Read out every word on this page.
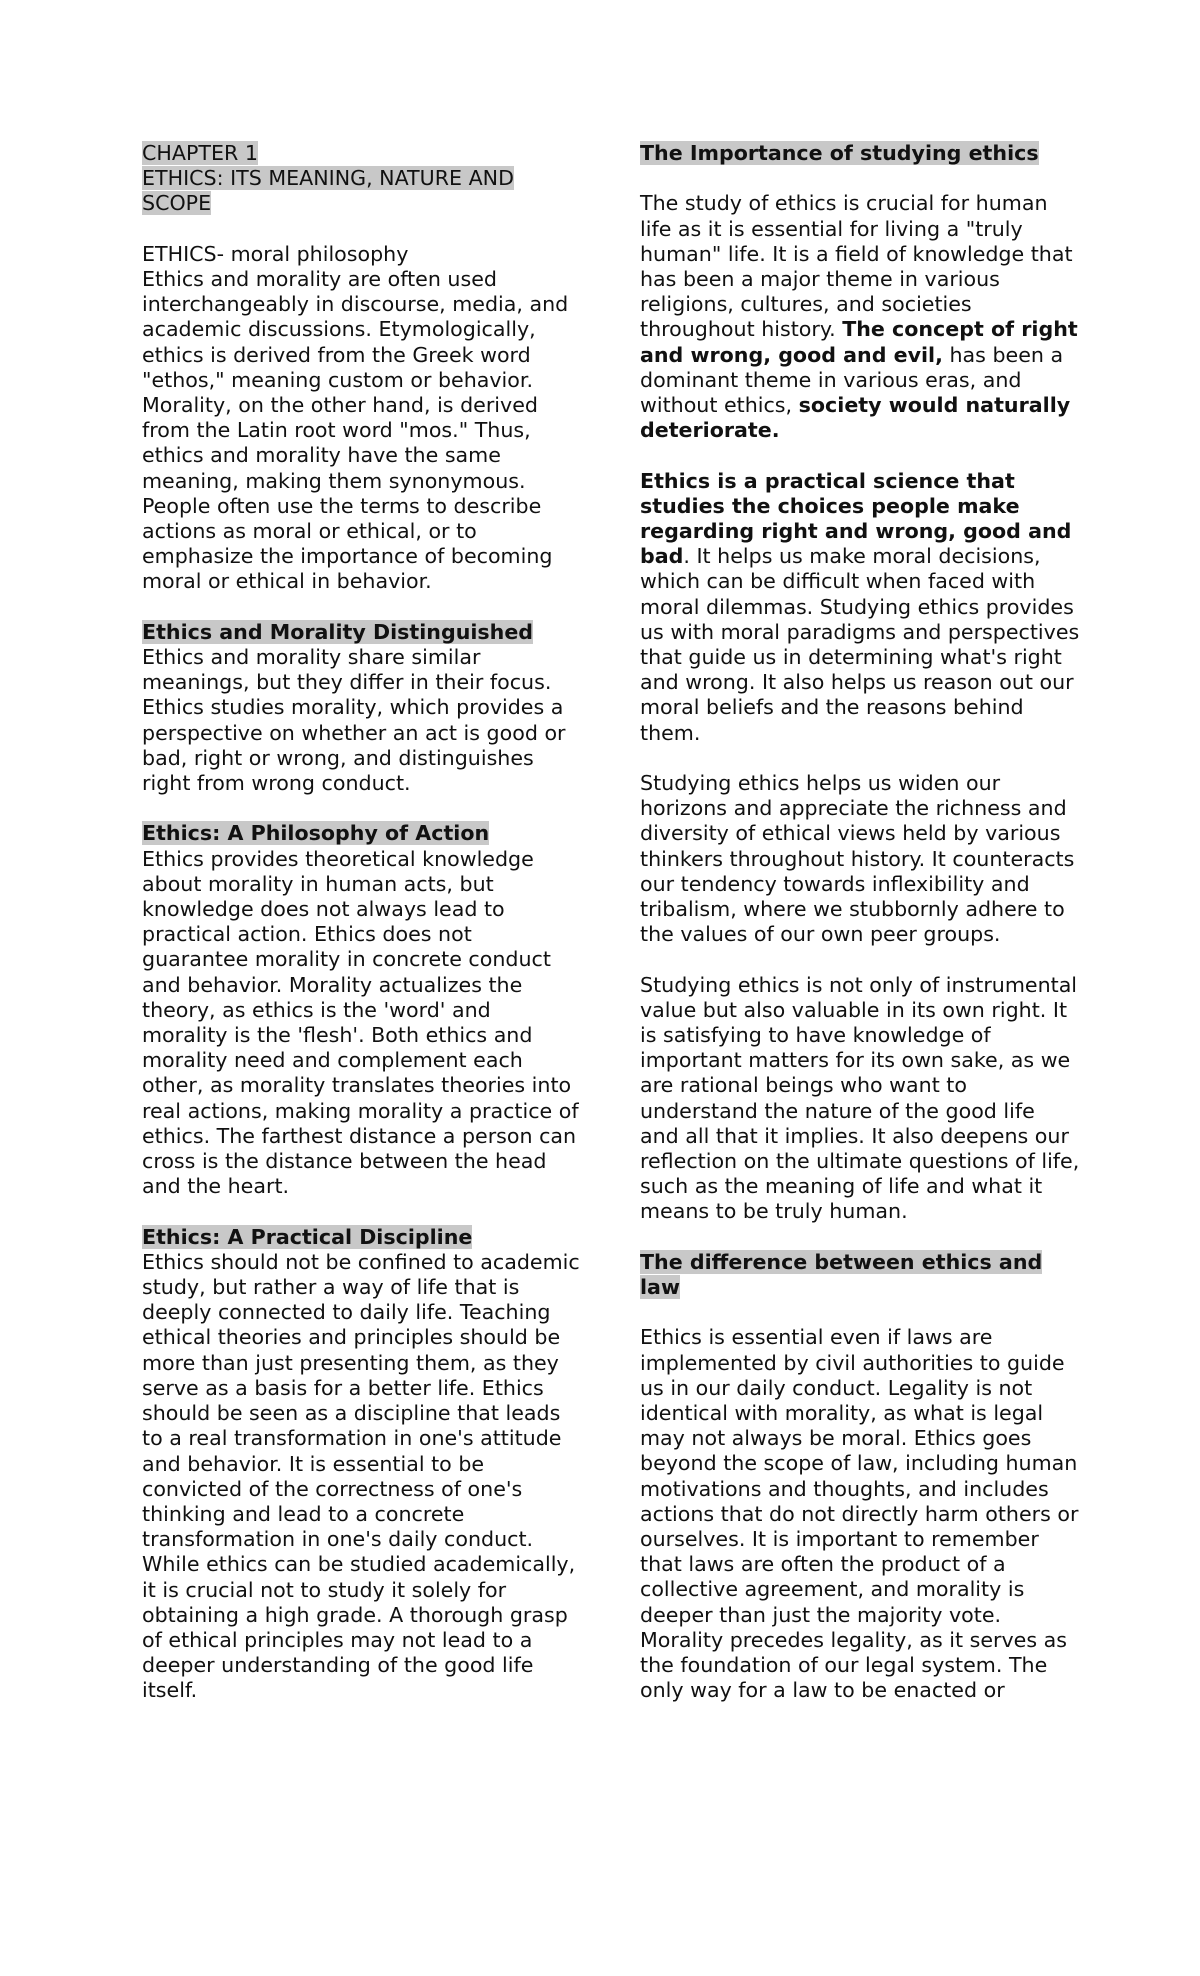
CHAPTER 1
ETHICS: ITS MEANING, NATURE AND
SCOPE

ETHICS- moral philosophy

Ethics and morality are often used interchangeably in discourse, media, and academic discussions. Etymologically, ethics is derived from the Greek word "ethos," meaning custom or behavior. Morality, on the other hand, is derived from the Latin root word "mos." Thus, ethics and morality have the same meaning, making them synonymous. People often use the terms to describe actions as moral or ethical, or to emphasize the importance of becoming moral or ethical in behavior.

Ethics and Morality Distinguished

Ethics and morality share similar meanings, but they differ in their focus. Ethics studies morality, which provides a perspective on whether an act is good or bad, right or wrong, and distinguishes right from wrong conduct.

Ethics: A Philosophy of Action

Ethics provides theoretical knowledge about morality in human acts, but knowledge does not always lead to practical action. Ethics does not guarantee morality in concrete conduct and behavior. Morality actualizes the theory, as ethics is the 'word' and morality is the 'flesh'. Both ethics and morality need and complement each other, as morality translates theories into real actions, making morality a practice of ethics. The farthest distance a person can cross is the distance between the head and the heart.

Ethics: A Practical Discipline

Ethics should not be confined to academic study, but rather a way of life that is deeply connected to daily life. Teaching ethical theories and principles should be more than just presenting them, as they serve as a basis for a better life. Ethics should be seen as a discipline that leads to a real transformation in one's attitude and behavior. It is essential to be convicted of the correctness of one's thinking and lead to a concrete transformation in one's daily conduct. While ethics can be studied academically, it is crucial not to study it solely for obtaining a high grade. A thorough grasp of ethical principles may not lead to a deeper understanding of the good life itself.

The Importance of studying ethics

The study of ethics is crucial for human life as it is essential for living a "truly human" life. It is a field of knowledge that has been a major theme in various religions, cultures, and societies throughout history. The concept of right and wrong, good and evil, has been a dominant theme in various eras, and without ethics, society would naturally deteriorate.

Ethics is a practical science that studies the choices people make regarding right and wrong, good and bad. It helps us make moral decisions, which can be difficult when faced with moral dilemmas. Studying ethics provides us with moral paradigms and perspectives that guide us in determining what's right and wrong. It also helps us reason out our moral beliefs and the reasons behind them.

Studying ethics helps us widen our horizons and appreciate the richness and diversity of ethical views held by various thinkers throughout history. It counteracts our tendency towards inflexibility and tribalism, where we stubbornly adhere to the values of our own peer groups.

Studying ethics is not only of instrumental value but also valuable in its own right. It is satisfying to have knowledge of important matters for its own sake, as we are rational beings who want to understand the nature of the good life and all that it implies. It also deepens our reflection on the ultimate questions of life, such as the meaning of life and what it means to be truly human.

The difference between ethics and
law

Ethics is essential even if laws are implemented by civil authorities to guide us in our daily conduct. Legality is not identical with morality, as what is legal may not always be moral. Ethics goes beyond the scope of law, including human motivations and thoughts, and includes actions that do not directly harm others or ourselves. It is important to remember that laws are often the product of a collective agreement, and morality is deeper than just the majority vote. Morality precedes legality, as it serves as the foundation of our legal system. The only way for a law to be enacted or
